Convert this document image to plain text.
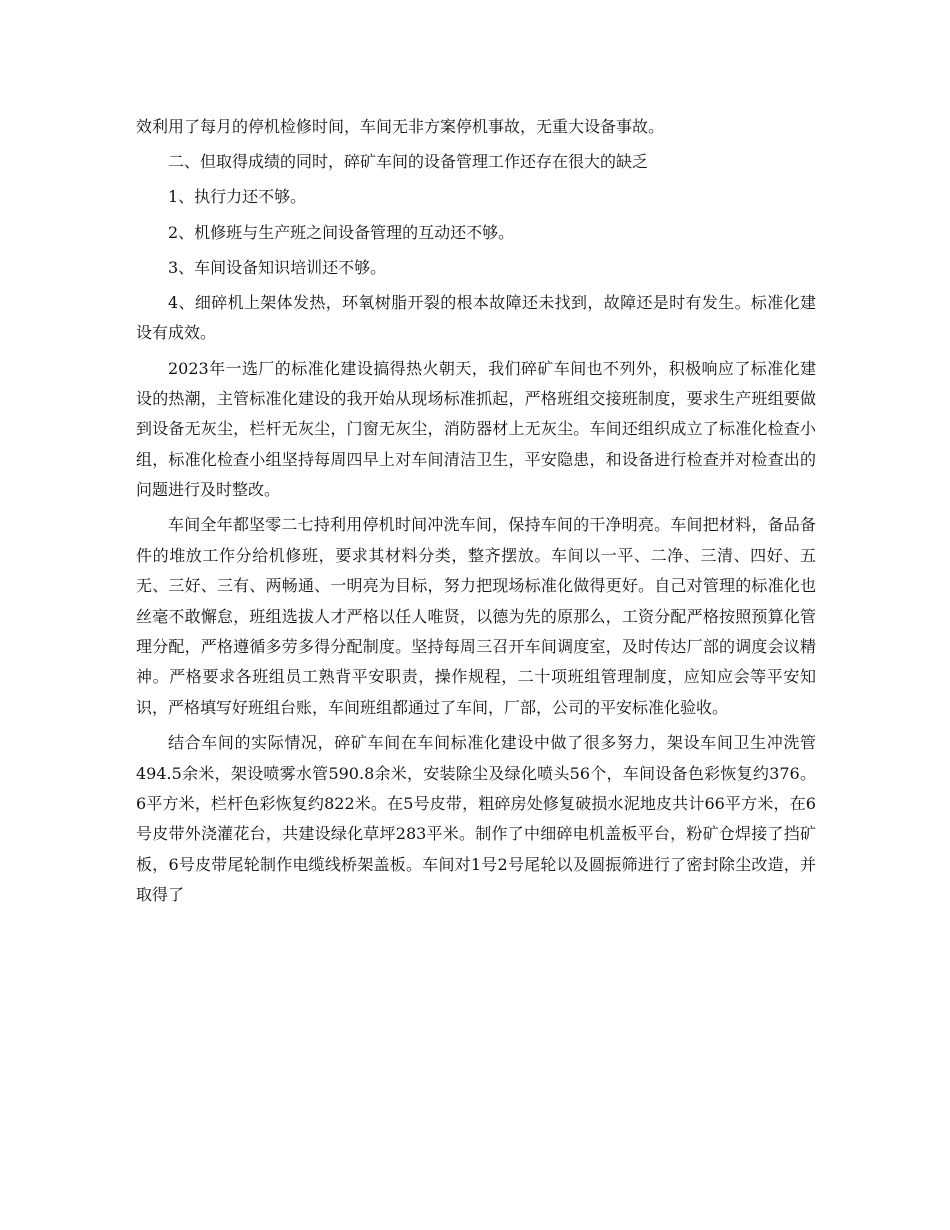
效利用了每月的停机检修时间，车间无非方案停机事故，无重大设备事故。

二、但取得成绩的同时，碎矿车间的设备管理工作还存在很大的缺乏

1、执行力还不够。

2、机修班与生产班之间设备管理的互动还不够。

3、车间设备知识培训还不够。

4、细碎机上架体发热，环氧树脂开裂的根本故障还未找到，故障还是时有发生。标准化建设有成效。

2023年一选厂的标准化建设搞得热火朝天，我们碎矿车间也不列外，积极响应了标准化建设的热潮，主管标准化建设的我开始从现场标准抓起，严格班组交接班制度，要求生产班组要做到设备无灰尘，栏杆无灰尘，门窗无灰尘，消防器材上无灰尘。车间还组织成立了标准化检查小组，标准化检查小组坚持每周四早上对车间清洁卫生，平安隐患，和设备进行检查并对检查出的问题进行及时整改。

车间全年都坚零二七持利用停机时间冲洗车间，保持车间的干净明亮。车间把材料，备品备件的堆放工作分给机修班，要求其材料分类，整齐摆放。车间以一平、二净、三清、四好、五无、三好、三有、两畅通、一明亮为目标，努力把现场标准化做得更好。自己对管理的标准化也丝毫不敢懈怠，班组选拔人才严格以任人唯贤，以德为先的原那么，工资分配严格按照预算化管理分配，严格遵循多劳多得分配制度。坚持每周三召开车间调度室，及时传达厂部的调度会议精神。严格要求各班组员工熟背平安职责，操作规程，二十项班组管理制度，应知应会等平安知识，严格填写好班组台账，车间班组都通过了车间，厂部，公司的平安标准化验收。

结合车间的实际情况，碎矿车间在车间标准化建设中做了很多努力，架设车间卫生冲洗管494.5余米，架设喷雾水管590.8余米，安装除尘及绿化喷头56个，车间设备色彩恢复约376。6平方米，栏杆色彩恢复约822米。在5号皮带，粗碎房处修复破损水泥地皮共计66平方米，在6号皮带外浇灌花台，共建设绿化草坪283平米。制作了中细碎电机盖板平台，粉矿仓焊接了挡矿板，6号皮带尾轮制作电缆线桥架盖板。车间对1号2号尾轮以及圆振筛进行了密封除尘改造，并取得了
